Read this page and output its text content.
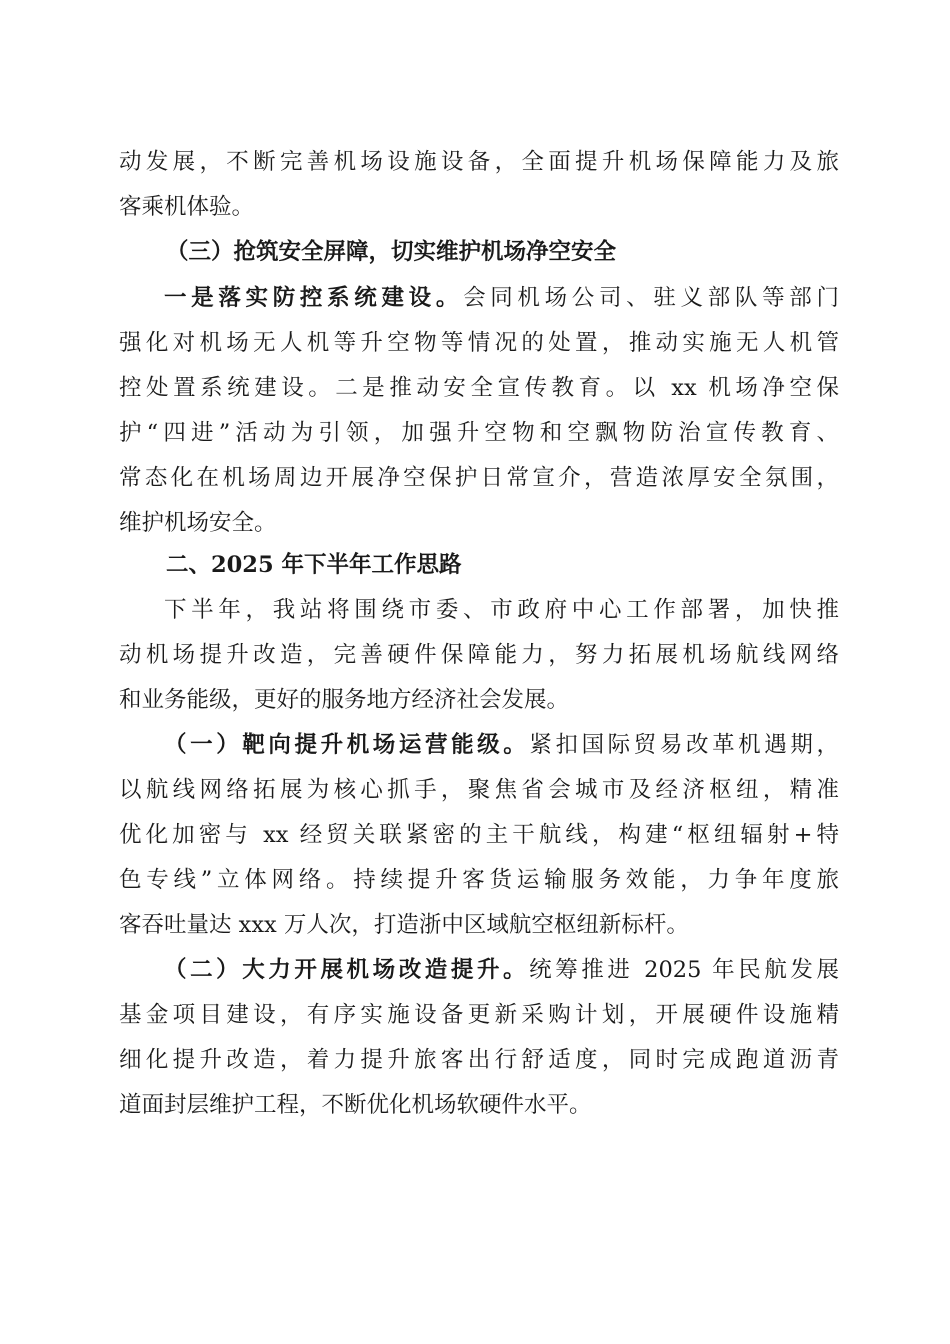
动发展，不断完善机场设施设备，全面提升机场保障能力及旅
客乘机体验。
（三）抢筑安全屏障，切实维护机场净空安全
一是落实防控系统建设。会同机场公司、驻义部队等部门
强化对机场无人机等升空物等情况的处置，推动实施无人机管
控处置系统建设。二是推动安全宣传教育。以 xx 机场净空保
护“四进”活动为引领，加强升空物和空飘物防治宣传教育、
常态化在机场周边开展净空保护日常宣介，营造浓厚安全氛围，
维护机场安全。
二、2025 年下半年工作思路
下半年，我站将围绕市委、市政府中心工作部署，加快推
动机场提升改造，完善硬件保障能力，努力拓展机场航线网络
和业务能级，更好的服务地方经济社会发展。
（一）靶向提升机场运营能级。紧扣国际贸易改革机遇期，
以航线网络拓展为核心抓手，聚焦省会城市及经济枢纽，精准
优化加密与 xx 经贸关联紧密的主干航线，构建“枢纽辐射+特
色专线”立体网络。持续提升客货运输服务效能，力争年度旅
客吞吐量达 xxx 万人次，打造浙中区域航空枢纽新标杆。
（二）大力开展机场改造提升。统筹推进 2025 年民航发展
基金项目建设，有序实施设备更新采购计划，开展硬件设施精
细化提升改造，着力提升旅客出行舒适度，同时完成跑道沥青
道面封层维护工程，不断优化机场软硬件水平。
